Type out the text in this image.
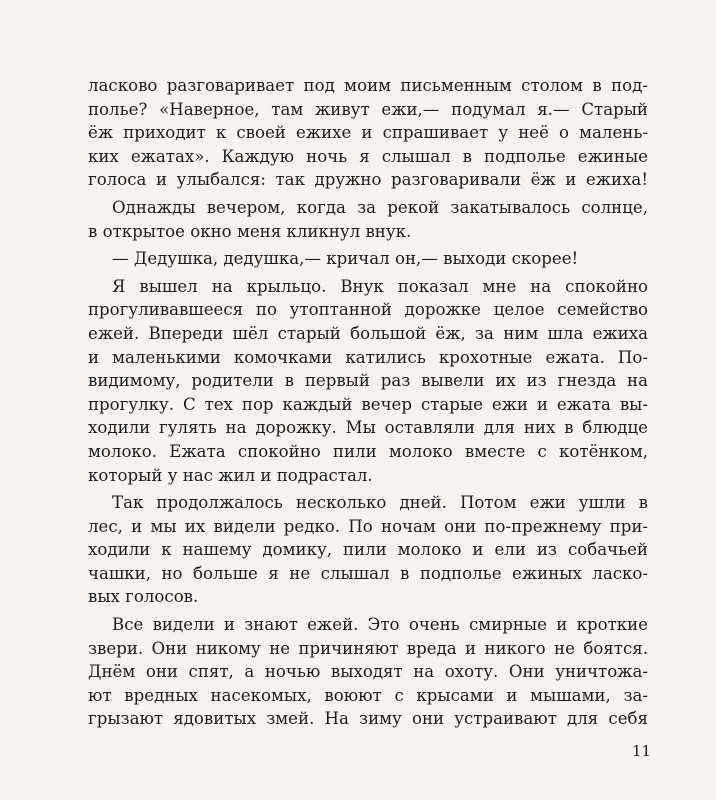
ласково разговаривает под моим письменным столом в под-
полье? «Наверное, там живут ежи,— подумал я.— Старый
ёж приходит к своей ежихе и спрашивает у неё о малень-
ких ежатах». Каждую ночь я слышал в подполье ежиные
голоса и улыбался: так дружно разговаривали ёж и ежиха!
Однажды вечером, когда за рекой закатывалось солнце,
в открытое окно меня кликнул внук.
— Дедушка, дедушка,— кричал он,— выходи скорее!
Я вышел на крыльцо. Внук показал мне на спокойно
прогуливавшееся по утоптанной дорожке целое семейство
ежей. Впереди шёл старый большой ёж, за ним шла ежиха
и маленькими комочками катились крохотные ежата. По-
видимому, родители в первый раз вывели их из гнезда на
прогулку. С тех пор каждый вечер старые ежи и ежата вы-
ходили гулять на дорожку. Мы оставляли для них в блюдце
молоко. Ежата спокойно пили молоко вместе с котёнком,
который у нас жил и подрастал.
Так продолжалось несколько дней. Потом ежи ушли в
лес, и мы их видели редко. По ночам они по-прежнему при-
ходили к нашему домику, пили молоко и ели из собачьей
чашки, но больше я не слышал в подполье ежиных ласко-
вых голосов.
Все видели и знают ежей. Это очень смирные и кроткие
звери. Они никому не причиняют вреда и никого не боятся.
Днём они спят, а ночью выходят на охоту. Они уничтожа-
ют вредных насекомых, воюют с крысами и мышами, за-
грызают ядовитых змей. На зиму они устраивают для себя
11
